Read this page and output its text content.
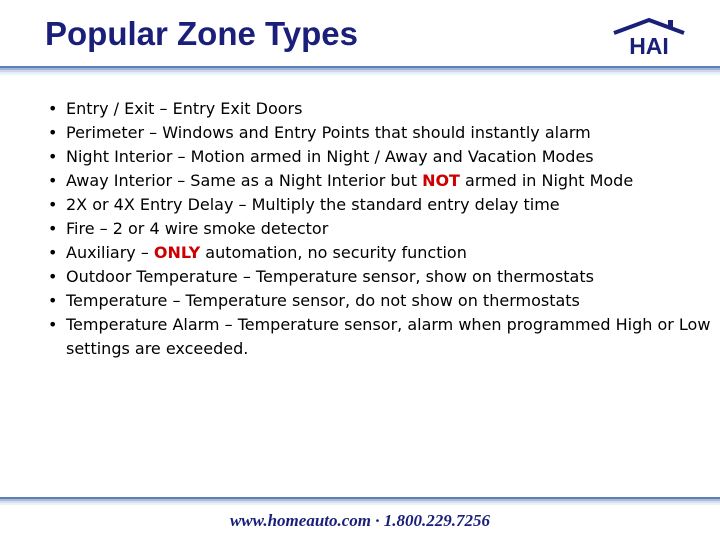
Popular Zone Types	HAI
• Entry / Exit – Entry Exit Doors
• Perimeter – Windows and Entry Points that should instantly alarm
• Night Interior – Motion armed in Night / Away and Vacation Modes
• Away Interior – Same as a Night Interior but NOT armed in Night Mode
• 2X or 4X Entry Delay – Multiply the standard entry delay time
• Fire – 2 or 4 wire smoke detector
• Auxiliary – ONLY automation, no security function
• Outdoor Temperature – Temperature sensor, show on thermostats
• Temperature – Temperature sensor, do not show on thermostats
• Temperature Alarm – Temperature sensor, alarm when programmed High or Low settings are exceeded.
www.homeauto.com · 1.800.229.7256
